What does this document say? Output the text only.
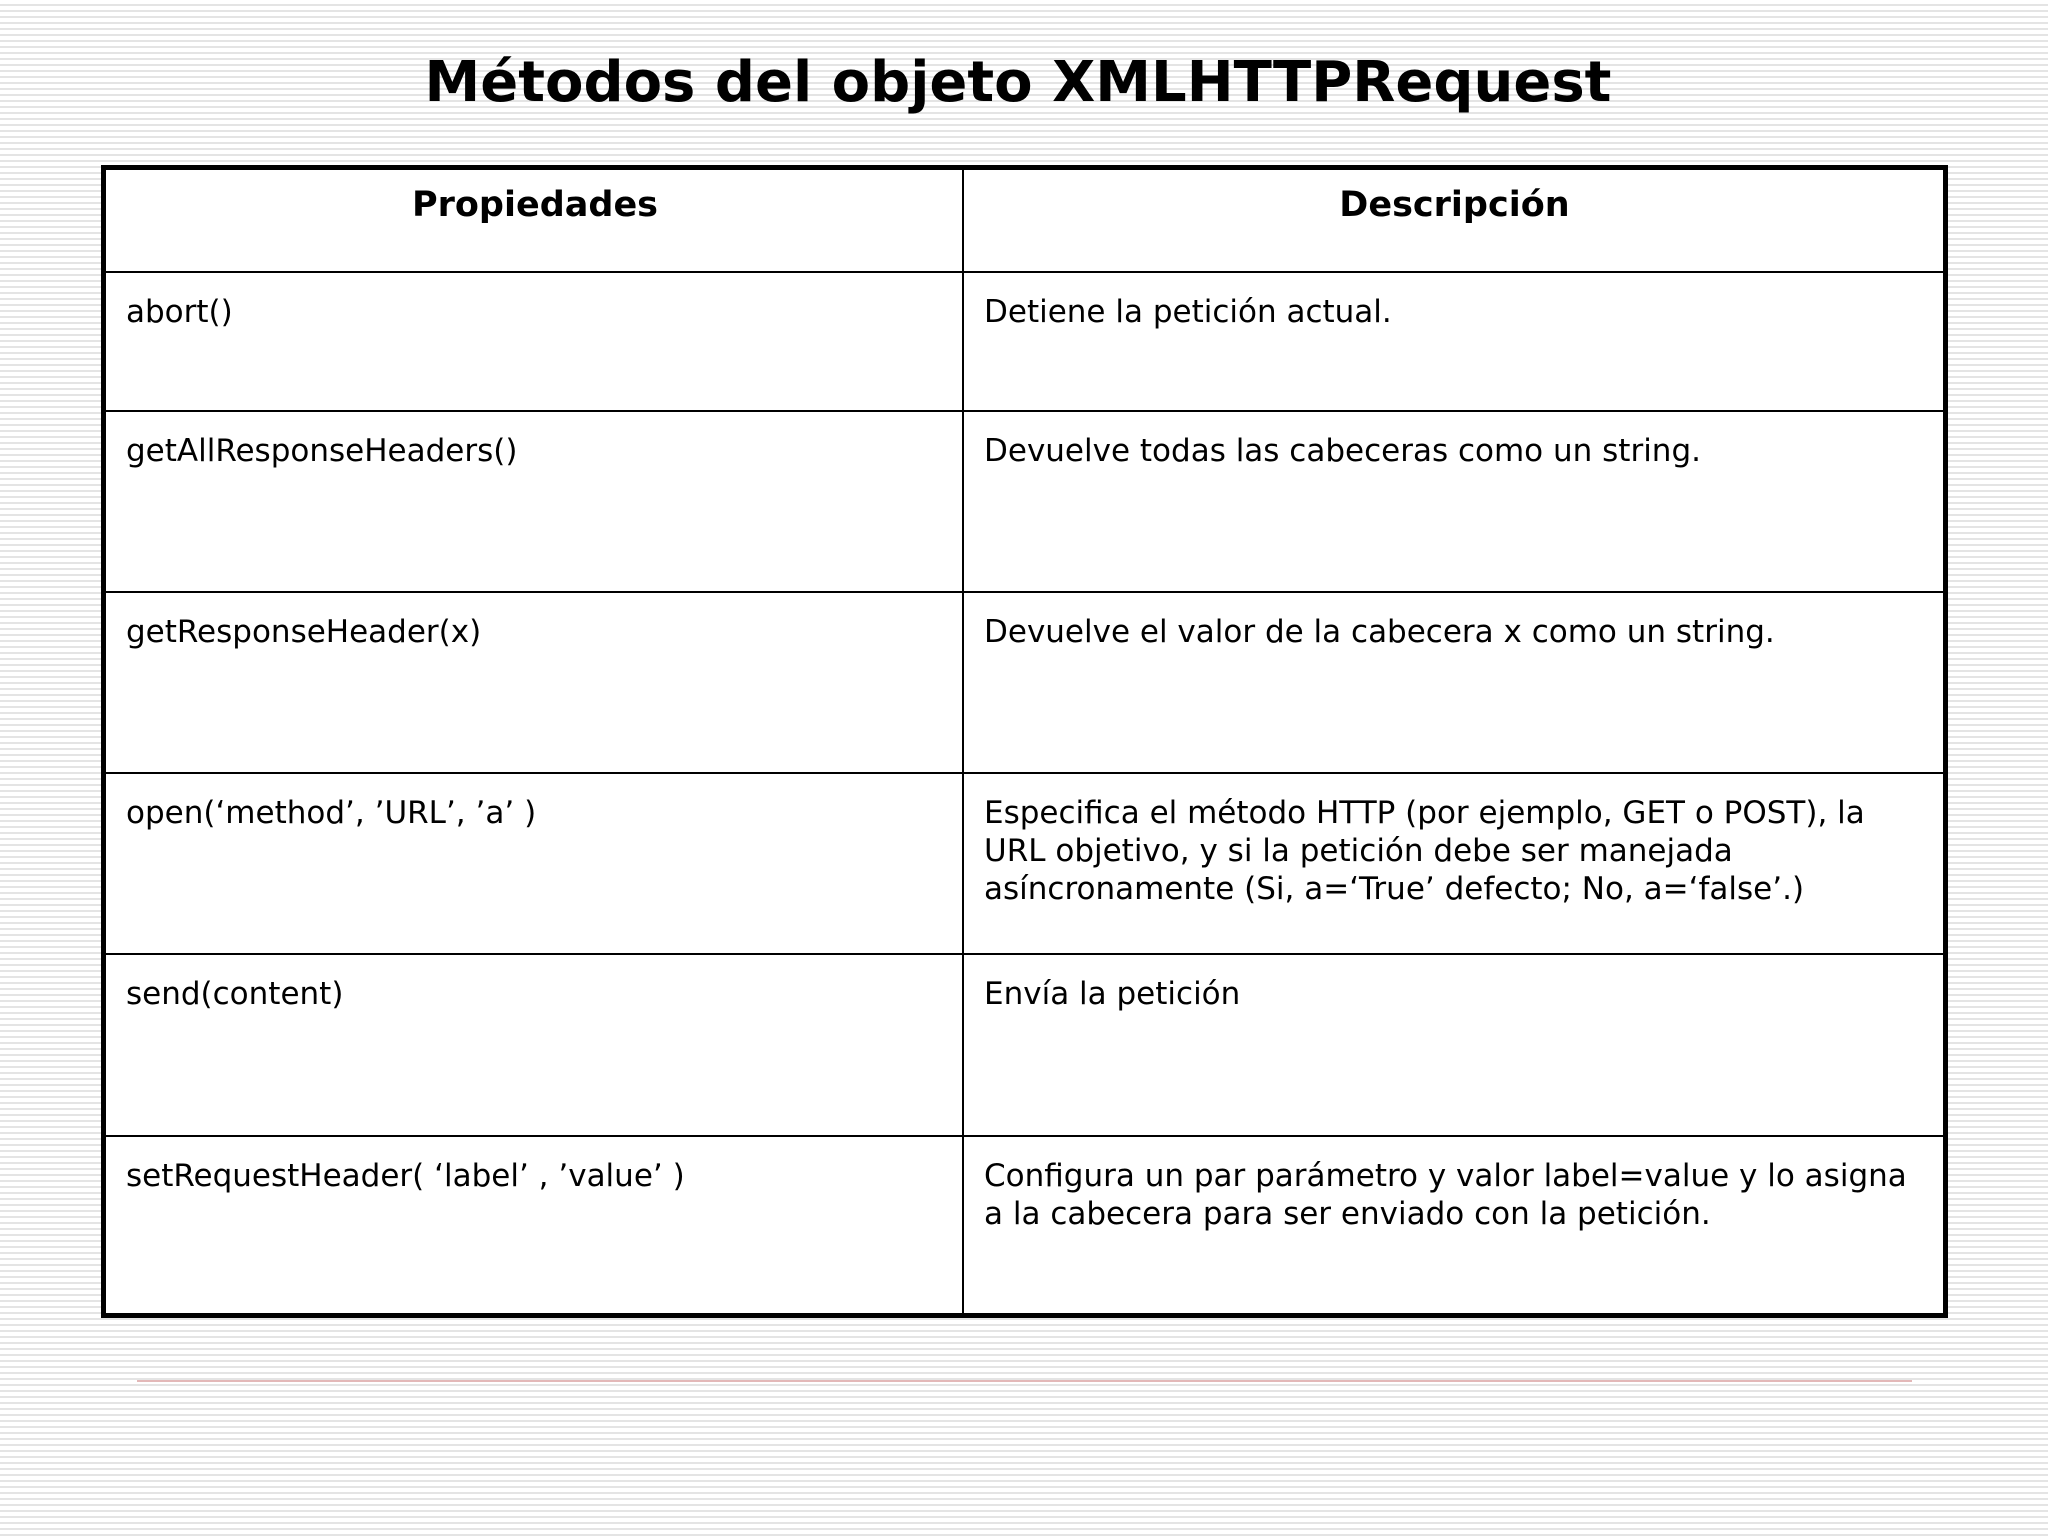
Métodos del objeto XMLHTTPRequest
Propiedades	Descripción
abort()	Detiene la petición actual.
getAllResponseHeaders()	Devuelve todas las cabeceras como un string.
getResponseHeader(x)	Devuelve el valor de la cabecera x como un string.
open(‘method’, ’URL’, ’a’ )	Especifica el método HTTP (por ejemplo, GET o POST), la URL objetivo, y si la petición debe ser manejada asíncronamente (Si, a=‘True’ defecto; No, a=‘false’.)
send(content)	Envía la petición
setRequestHeader( ‘label’ , ’value’ )	Configura un par parámetro y valor label=value y lo asigna a la cabecera para ser enviado con la petición.
